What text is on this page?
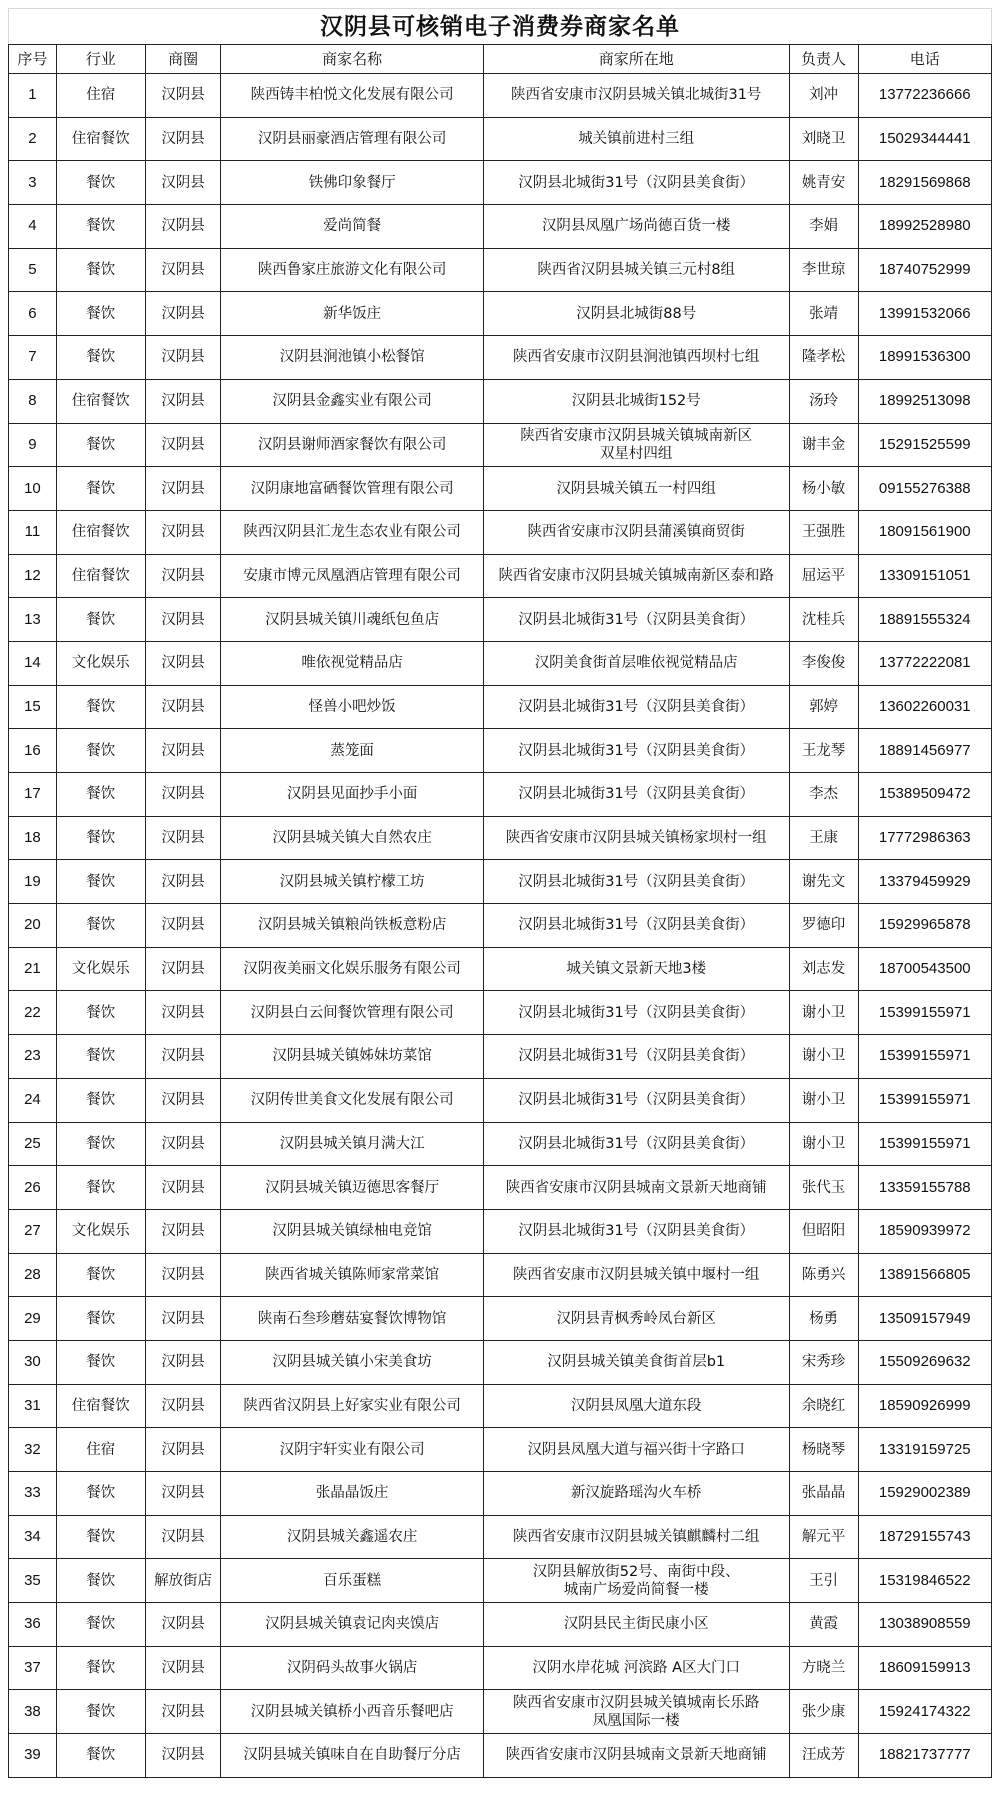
汉阴县可核销电子消费券商家名单
序号	行业	商圈	商家名称	商家所在地	负责人	电话
1	住宿	汉阴县	陕西铸丰柏悦文化发展有限公司	陕西省安康市汉阴县城关镇北城街31号	刘冲	13772236666
2	住宿餐饮	汉阴县	汉阴县丽豪酒店管理有限公司	城关镇前进村三组	刘晓卫	15029344441
3	餐饮	汉阴县	铁佛印象餐厅	汉阴县北城街31号（汉阴县美食街）	姚青安	18291569868
4	餐饮	汉阴县	爱尚简餐	汉阴县凤凰广场尚德百货一楼	李娟	18992528980
5	餐饮	汉阴县	陕西鲁家庄旅游文化有限公司	陕西省汉阴县城关镇三元村8组	李世琼	18740752999
6	餐饮	汉阴县	新华饭庄	汉阴县北城街88号	张靖	13991532066
7	餐饮	汉阴县	汉阴县涧池镇小松餐馆	陕西省安康市汉阴县涧池镇西坝村七组	隆孝松	18991536300
8	住宿餐饮	汉阴县	汉阴县金鑫实业有限公司	汉阴县北城街152号	汤玲	18992513098
9	餐饮	汉阴县	汉阴县谢师酒家餐饮有限公司	陕西省安康市汉阴县城关镇城南新区
双星村四组	谢丰金	15291525599
10	餐饮	汉阴县	汉阴康地富硒餐饮管理有限公司	汉阴县城关镇五一村四组	杨小敏	09155276388
11	住宿餐饮	汉阴县	陕西汉阴县汇龙生态农业有限公司	陕西省安康市汉阴县蒲溪镇商贸街	王强胜	18091561900
12	住宿餐饮	汉阴县	安康市博元凤凰酒店管理有限公司	陕西省安康市汉阴县城关镇城南新区泰和路	屈运平	13309151051
13	餐饮	汉阴县	汉阴县城关镇川魂纸包鱼店	汉阴县北城街31号（汉阴县美食街）	沈桂兵	18891555324
14	文化娱乐	汉阴县	唯依视觉精品店	汉阴美食街首层唯依视觉精品店	李俊俊	13772222081
15	餐饮	汉阴县	怪兽小吧炒饭	汉阴县北城街31号（汉阴县美食街）	郭婷	13602260031
16	餐饮	汉阴县	蒸笼面	汉阴县北城街31号（汉阴县美食街）	王龙琴	18891456977
17	餐饮	汉阴县	汉阴县见面抄手小面	汉阴县北城街31号（汉阴县美食街）	李杰	15389509472
18	餐饮	汉阴县	汉阴县城关镇大自然农庄	陕西省安康市汉阴县城关镇杨家坝村一组	王康	17772986363
19	餐饮	汉阴县	汉阴县城关镇柠檬工坊	汉阴县北城街31号（汉阴县美食街）	谢先文	13379459929
20	餐饮	汉阴县	汉阴县城关镇粮尚铁板意粉店	汉阴县北城街31号（汉阴县美食街）	罗德印	15929965878
21	文化娱乐	汉阴县	汉阴夜美丽文化娱乐服务有限公司	城关镇文景新天地3楼	刘志发	18700543500
22	餐饮	汉阴县	汉阴县白云间餐饮管理有限公司	汉阴县北城街31号（汉阴县美食街）	谢小卫	15399155971
23	餐饮	汉阴县	汉阴县城关镇姊妹坊菜馆	汉阴县北城街31号（汉阴县美食街）	谢小卫	15399155971
24	餐饮	汉阴县	汉阴传世美食文化发展有限公司	汉阴县北城街31号（汉阴县美食街）	谢小卫	15399155971
25	餐饮	汉阴县	汉阴县城关镇月满大江	汉阴县北城街31号（汉阴县美食街）	谢小卫	15399155971
26	餐饮	汉阴县	汉阴县城关镇迈德思客餐厅	陕西省安康市汉阴县城南文景新天地商铺	张代玉	13359155788
27	文化娱乐	汉阴县	汉阴县城关镇绿柚电竞馆	汉阴县北城街31号（汉阴县美食街）	但昭阳	18590939972
28	餐饮	汉阴县	陕西省城关镇陈师家常菜馆	陕西省安康市汉阴县城关镇中堰村一组	陈勇兴	13891566805
29	餐饮	汉阴县	陕南石叁珍蘑菇宴餐饮博物馆	汉阴县青枫秀岭凤台新区	杨勇	13509157949
30	餐饮	汉阴县	汉阴县城关镇小宋美食坊	汉阴县城关镇美食街首层b1	宋秀珍	15509269632
31	住宿餐饮	汉阴县	陕西省汉阴县上好家实业有限公司	汉阴县凤凰大道东段	余晓红	18590926999
32	住宿	汉阴县	汉阴宇轩实业有限公司	汉阴县凤凰大道与福兴街十字路口	杨晓琴	13319159725
33	餐饮	汉阴县	张晶晶饭庄	新汉旋路瑶沟火车桥	张晶晶	15929002389
34	餐饮	汉阴县	汉阴县城关鑫遥农庄	陕西省安康市汉阴县城关镇麒麟村二组	解元平	18729155743
35	餐饮	解放街店	百乐蛋糕	汉阴县解放街52号、南街中段、
城南广场爱尚简餐一楼	王引	15319846522
36	餐饮	汉阴县	汉阴县城关镇袁记肉夹馍店	汉阴县民主街民康小区	黄霞	13038908559
37	餐饮	汉阴县	汉阴码头故事火锅店	汉阴水岸花城 河滨路 A区大门口	方晓兰	18609159913
38	餐饮	汉阴县	汉阴县城关镇桥小西音乐餐吧店	陕西省安康市汉阴县城关镇城南长乐路
凤凰国际一楼	张少康	15924174322
39	餐饮	汉阴县	汉阴县城关镇味自在自助餐厅分店	陕西省安康市汉阴县城南文景新天地商铺	汪成芳	18821737777
